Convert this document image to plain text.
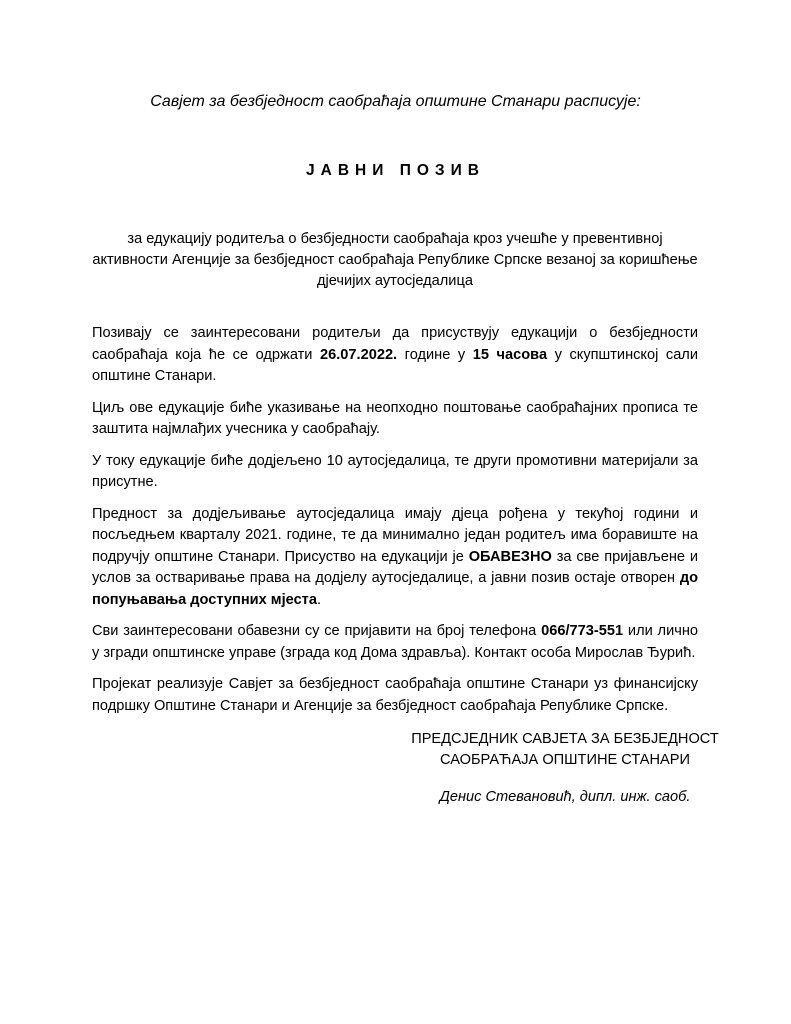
Савјет за безбједност саобраћаја општине Станари расписује:
ЈАВНИ ПОЗИВ
за едукацију родитеља о безбједности саобраћаја кроз учешће у превентивној активности Агенције за безбједност саобраћаја Републике Српске везаној за коришћење дјечијих аутосједалица

Позивају се заинтересовани родитељи да присуствују едукацији о безбједности саобраћаја која ће се одржати 26.07.2022. године у 15 часова у скупштинској сали општине Станари.

Циљ ове едукације биће указивање на неопходно поштовање саобраћајних прописа те заштита најмлађих учесника у саобраћају.

У току едукације биће додјељено 10 аутосједалица, те други промотивни материјали за присутне.

Предност за додјељивање аутосједалица имају дјеца рођена у текућој години и посљедњем кварталу 2021. године, те да минимално један родитељ има боравиште на подручју општине Станари. Присуство на едукацији је ОБАВЕЗНО за све пријављене и услов за остваривање права на додјелу аутосједалице, а јавни позив остаје отворен до попуњавања доступних мјеста.

Сви заинтересовани обавезни су се пријавити на број телефона 066/773-551 или лично у згради општинске управе (зграда код Дома здравља). Контакт особа Мирослав Ђурић.

Пројекат реализује Савјет за безбједност саобраћаја општине Станари уз финансијску подршку Општине Станари и Агенције за безбједност саобраћаја Републике Српске.

ПРЕДСЈЕДНИК САВЈЕТА ЗА БЕЗБЈЕДНОСТ
САОБРАЋАЈА ОПШТИНЕ СТАНАРИ
Денис Стевановић, дипл. инж. саоб.
